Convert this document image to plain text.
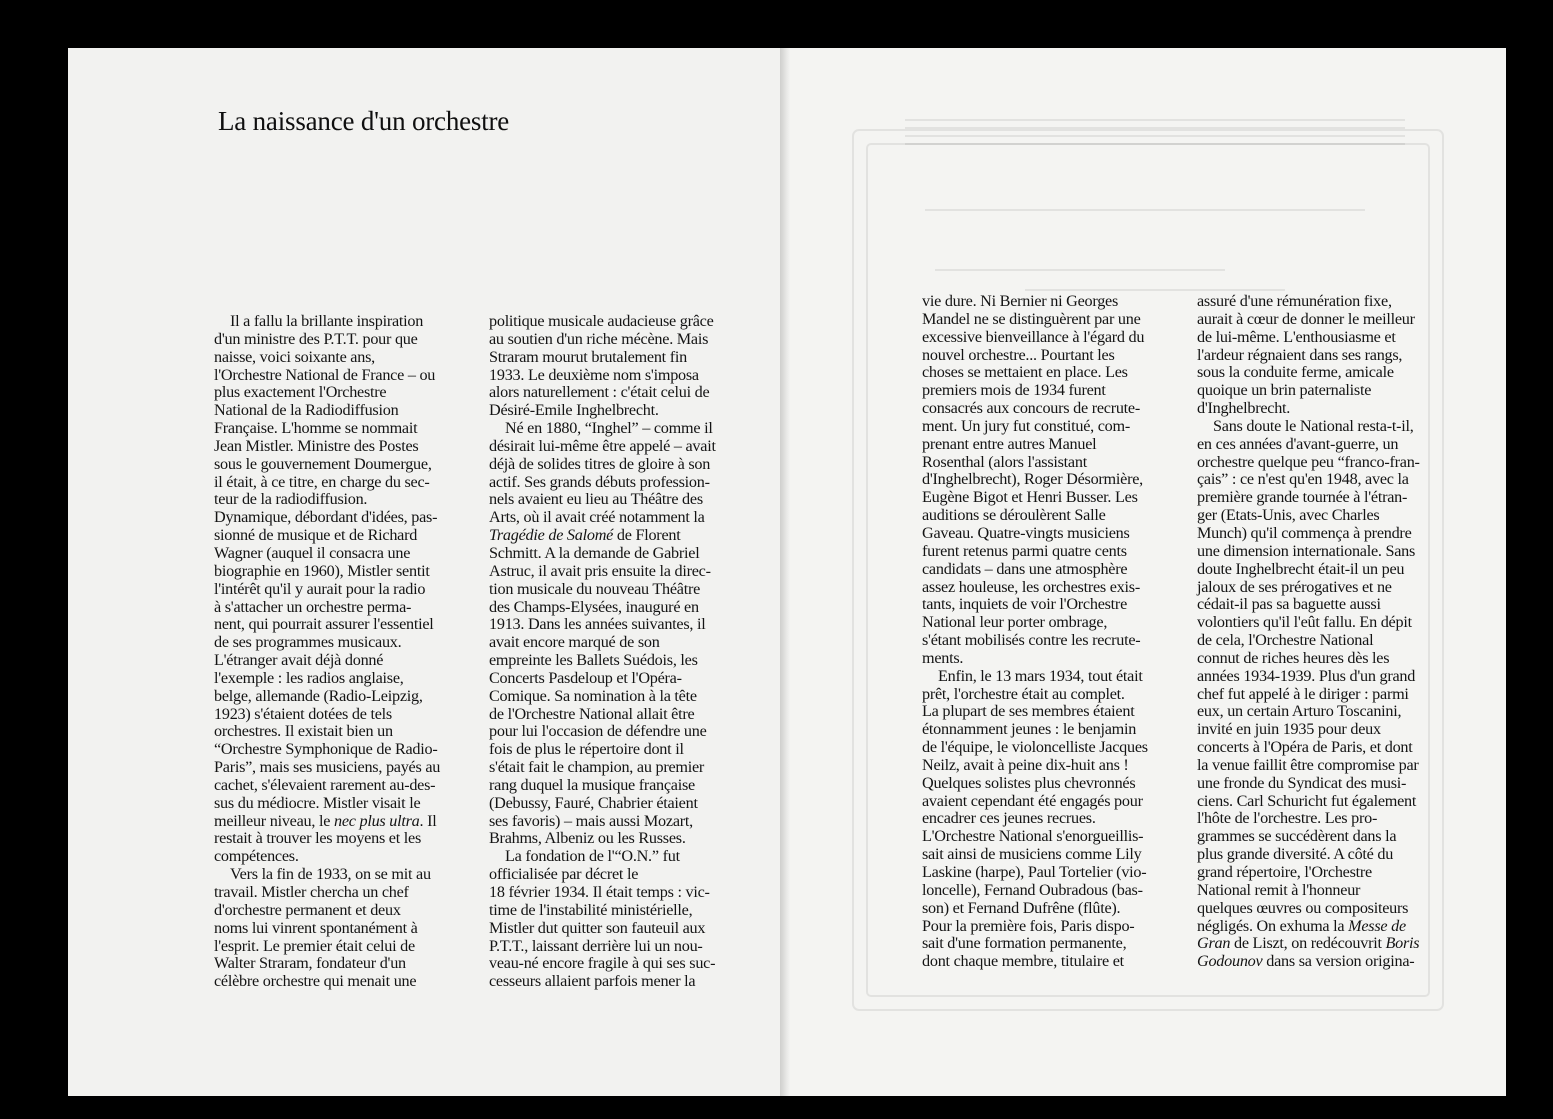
La naissance d'un orchestre
Il a fallu la brillante inspiration
d'un ministre des P.T.T. pour que
naisse, voici soixante ans,
l'Orchestre National de France – ou
plus exactement l'Orchestre
National de la Radiodiffusion
Française. L'homme se nommait
Jean Mistler. Ministre des Postes
sous le gouvernement Doumergue,
il était, à ce titre, en charge du sec-
teur de la radiodiffusion.
Dynamique, débordant d'idées, pas-
sionné de musique et de Richard
Wagner (auquel il consacra une
biographie en 1960), Mistler sentit
l'intérêt qu'il y aurait pour la radio
à s'attacher un orchestre perma-
nent, qui pourrait assurer l'essentiel
de ses programmes musicaux.
L'étranger avait déjà donné
l'exemple : les radios anglaise,
belge, allemande (Radio-Leipzig,
1923) s'étaient dotées de tels
orchestres. Il existait bien un
“Orchestre Symphonique de Radio-
Paris”, mais ses musiciens, payés au
cachet, s'élevaient rarement au-des-
sus du médiocre. Mistler visait le
meilleur niveau, le nec plus ultra. Il
restait à trouver les moyens et les
compétences.
Vers la fin de 1933, on se mit au
travail. Mistler chercha un chef
d'orchestre permanent et deux
noms lui vinrent spontanément à
l'esprit. Le premier était celui de
Walter Straram, fondateur d'un
célèbre orchestre qui menait une
politique musicale audacieuse grâce
au soutien d'un riche mécène. Mais
Straram mourut brutalement fin
1933. Le deuxième nom s'imposa
alors naturellement : c'était celui de
Désiré-Emile Inghelbrecht.
Né en 1880, “Inghel” – comme il
désirait lui-même être appelé – avait
déjà de solides titres de gloire à son
actif. Ses grands débuts profession-
nels avaient eu lieu au Théâtre des
Arts, où il avait créé notamment la
Tragédie de Salomé de Florent
Schmitt. A la demande de Gabriel
Astruc, il avait pris ensuite la direc-
tion musicale du nouveau Théâtre
des Champs-Elysées, inauguré en
1913. Dans les années suivantes, il
avait encore marqué de son
empreinte les Ballets Suédois, les
Concerts Pasdeloup et l'Opéra-
Comique. Sa nomination à la tête
de l'Orchestre National allait être
pour lui l'occasion de défendre une
fois de plus le répertoire dont il
s'était fait le champion, au premier
rang duquel la musique française
(Debussy, Fauré, Chabrier étaient
ses favoris) – mais aussi Mozart,
Brahms, Albeniz ou les Russes.
La fondation de l'“O.N.” fut
officialisée par décret le
18 février 1934. Il était temps : vic-
time de l'instabilité ministérielle,
Mistler dut quitter son fauteuil aux
P.T.T., laissant derrière lui un nou-
veau-né encore fragile à qui ses suc-
cesseurs allaient parfois mener la
vie dure. Ni Bernier ni Georges
Mandel ne se distinguèrent par une
excessive bienveillance à l'égard du
nouvel orchestre... Pourtant les
choses se mettaient en place. Les
premiers mois de 1934 furent
consacrés aux concours de recrute-
ment. Un jury fut constitué, com-
prenant entre autres Manuel
Rosenthal (alors l'assistant
d'Inghelbrecht), Roger Désormière,
Eugène Bigot et Henri Busser. Les
auditions se déroulèrent Salle
Gaveau. Quatre-vingts musiciens
furent retenus parmi quatre cents
candidats – dans une atmosphère
assez houleuse, les orchestres exis-
tants, inquiets de voir l'Orchestre
National leur porter ombrage,
s'étant mobilisés contre les recrute-
ments.
Enfin, le 13 mars 1934, tout était
prêt, l'orchestre était au complet.
La plupart de ses membres étaient
étonnamment jeunes : le benjamin
de l'équipe, le violoncelliste Jacques
Neilz, avait à peine dix-huit ans !
Quelques solistes plus chevronnés
avaient cependant été engagés pour
encadrer ces jeunes recrues.
L'Orchestre National s'enorgueillis-
sait ainsi de musiciens comme Lily
Laskine (harpe), Paul Tortelier (vio-
loncelle), Fernand Oubradous (bas-
son) et Fernand Dufrêne (flûte).
Pour la première fois, Paris dispo-
sait d'une formation permanente,
dont chaque membre, titulaire et
assuré d'une rémunération fixe,
aurait à cœur de donner le meilleur
de lui-même. L'enthousiasme et
l'ardeur régnaient dans ses rangs,
sous la conduite ferme, amicale
quoique un brin paternaliste
d'Inghelbrecht.
Sans doute le National resta-t-il,
en ces années d'avant-guerre, un
orchestre quelque peu “franco-fran-
çais” : ce n'est qu'en 1948, avec la
première grande tournée à l'étran-
ger (Etats-Unis, avec Charles
Munch) qu'il commença à prendre
une dimension internationale. Sans
doute Inghelbrecht était-il un peu
jaloux de ses prérogatives et ne
cédait-il pas sa baguette aussi
volontiers qu'il l'eût fallu. En dépit
de cela, l'Orchestre National
connut de riches heures dès les
années 1934-1939. Plus d'un grand
chef fut appelé à le diriger : parmi
eux, un certain Arturo Toscanini,
invité en juin 1935 pour deux
concerts à l'Opéra de Paris, et dont
la venue faillit être compromise par
une fronde du Syndicat des musi-
ciens. Carl Schuricht fut également
l'hôte de l'orchestre. Les pro-
grammes se succédèrent dans la
plus grande diversité. A côté du
grand répertoire, l'Orchestre
National remit à l'honneur
quelques œuvres ou compositeurs
négligés. On exhuma la Messe de
Gran de Liszt, on redécouvrit Boris
Godounov dans sa version origina-
